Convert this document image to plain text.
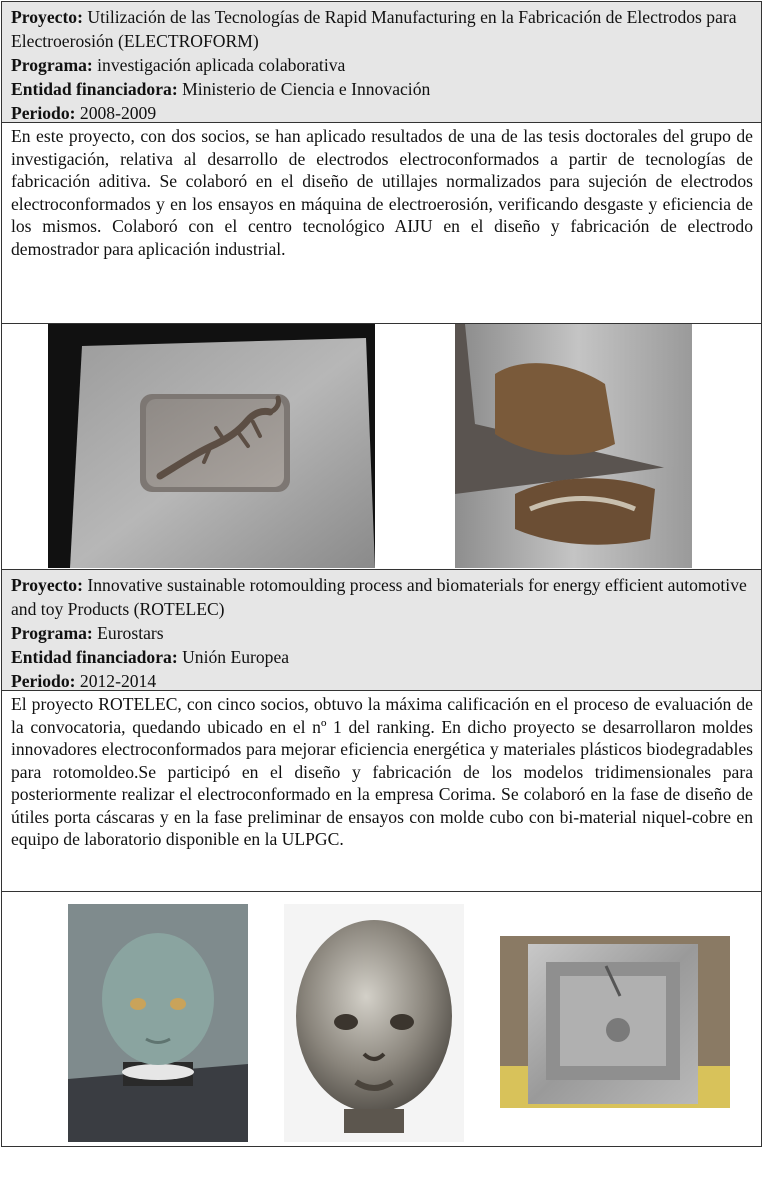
Proyecto: Utilización de las Tecnologías de Rapid Manufacturing en la Fabricación de Electrodos para Electroerosión (ELECTROFORM)
Programa: investigación aplicada colaborativa
Entidad financiadora: Ministerio de Ciencia e Innovación
Periodo: 2008-2009
En este proyecto, con dos socios, se han aplicado resultados de una de las tesis doctorales del grupo de investigación, relativa al desarrollo de electrodos electroconformados a partir de tecnologías de fabricación aditiva. Se colaboró en el diseño de utillajes normalizados para sujeción de electrodos electroconformados y en los ensayos en máquina de electroerosión, verificando desgaste y eficiencia de los mismos. Colaboró con el centro tecnológico AIJU en el diseño y fabricación de electrodo demostrador para aplicación industrial.
Proyecto: Innovative sustainable rotomoulding process and biomaterials for energy efficient automotive and toy Products (ROTELEC)
Programa: Eurostars
Entidad financiadora: Unión Europea
Periodo: 2012-2014
El proyecto ROTELEC, con cinco socios, obtuvo la máxima calificación en el proceso de evaluación de la convocatoria, quedando ubicado en el nº 1 del ranking. En dicho proyecto se desarrollaron moldes innovadores electroconformados para mejorar eficiencia energética y materiales plásticos biodegradables para rotomoldeo.Se participó en el diseño y fabricación de los modelos tridimensionales para posteriormente realizar el electroconformado en la empresa Corima. Se colaboró en la fase de diseño de útiles porta cáscaras y en la fase preliminar de ensayos con molde cubo con bi-material niquel-cobre en equipo de laboratorio disponible en la ULPGC.
